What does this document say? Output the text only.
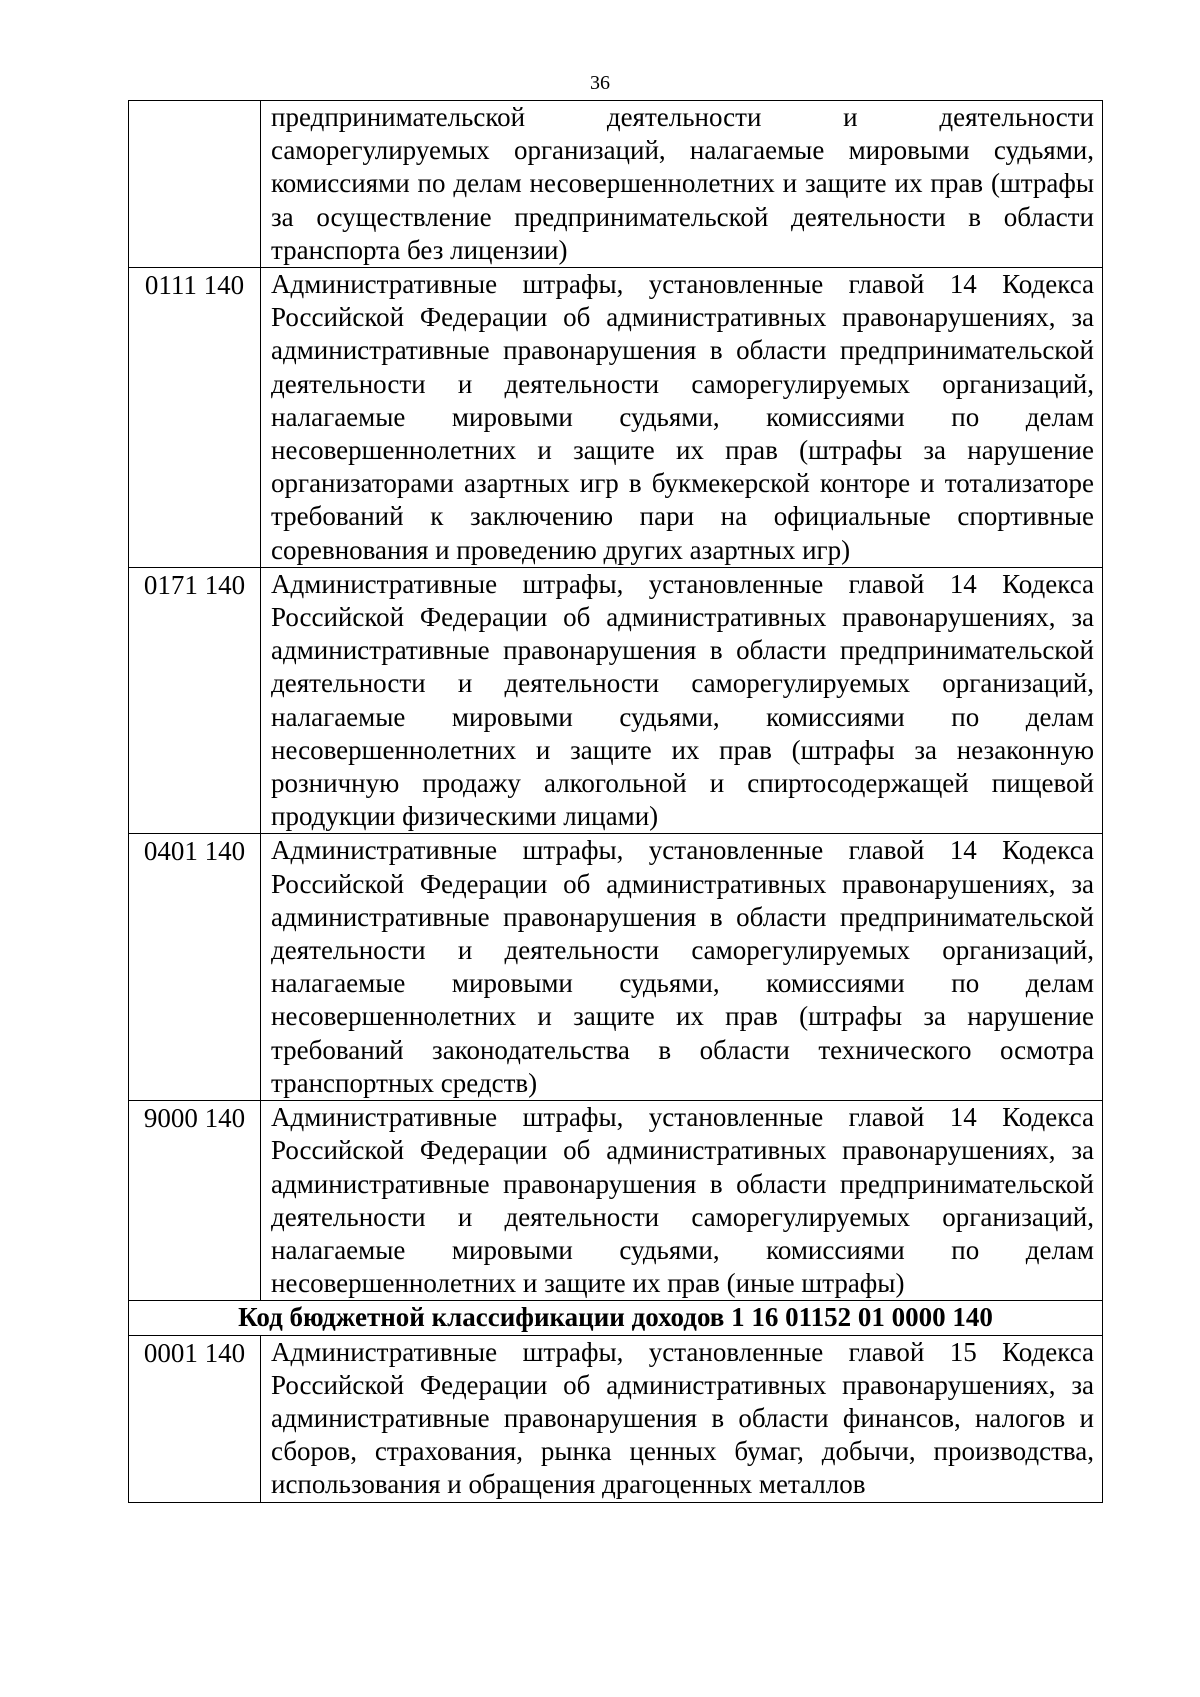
36
	предпринимательской деятельности и деятельности саморегулируемых организаций, налагаемые мировыми судьями, комиссиями по делам несовершеннолетних и защите их прав (штрафы за осуществление предпринимательской деятельности в области транспорта без лицензии)
0111 140	Административные штрафы, установленные главой 14 Кодекса Российской Федерации об административных правонарушениях, за административные правонарушения в области предпринимательской деятельности и деятельности саморегулируемых организаций, налагаемые мировыми судьями, комиссиями по делам несовершеннолетних и защите их прав (штрафы за нарушение организаторами азартных игр в букмекерской конторе и тотализаторе требований к заключению пари на официальные спортивные соревнования и проведению других азартных игр)
0171 140	Административные штрафы, установленные главой 14 Кодекса Российской Федерации об административных правонарушениях, за административные правонарушения в области предпринимательской деятельности и деятельности саморегулируемых организаций, налагаемые мировыми судьями, комиссиями по делам несовершеннолетних и защите их прав (штрафы за незаконную розничную продажу алкогольной и спиртосодержащей пищевой продукции физическими лицами)
0401 140	Административные штрафы, установленные главой 14 Кодекса Российской Федерации об административных правонарушениях, за административные правонарушения в области предпринимательской деятельности и деятельности саморегулируемых организаций, налагаемые мировыми судьями, комиссиями по делам несовершеннолетних и защите их прав (штрафы за нарушение требований законодательства в области технического осмотра транспортных средств)
9000 140	Административные штрафы, установленные главой 14 Кодекса Российской Федерации об административных правонарушениях, за административные правонарушения в области предпринимательской деятельности и деятельности саморегулируемых организаций, налагаемые мировыми судьями, комиссиями по делам несовершеннолетних и защите их прав (иные штрафы)
Код бюджетной классификации доходов 1 16 01152 01 0000 140	
0001 140	Административные штрафы, установленные главой 15 Кодекса Российской Федерации об административных правонарушениях, за административные правонарушения в области финансов, налогов и сборов, страхования, рынка ценных бумаг, добычи, производства, использования и обращения драгоценных металлов
